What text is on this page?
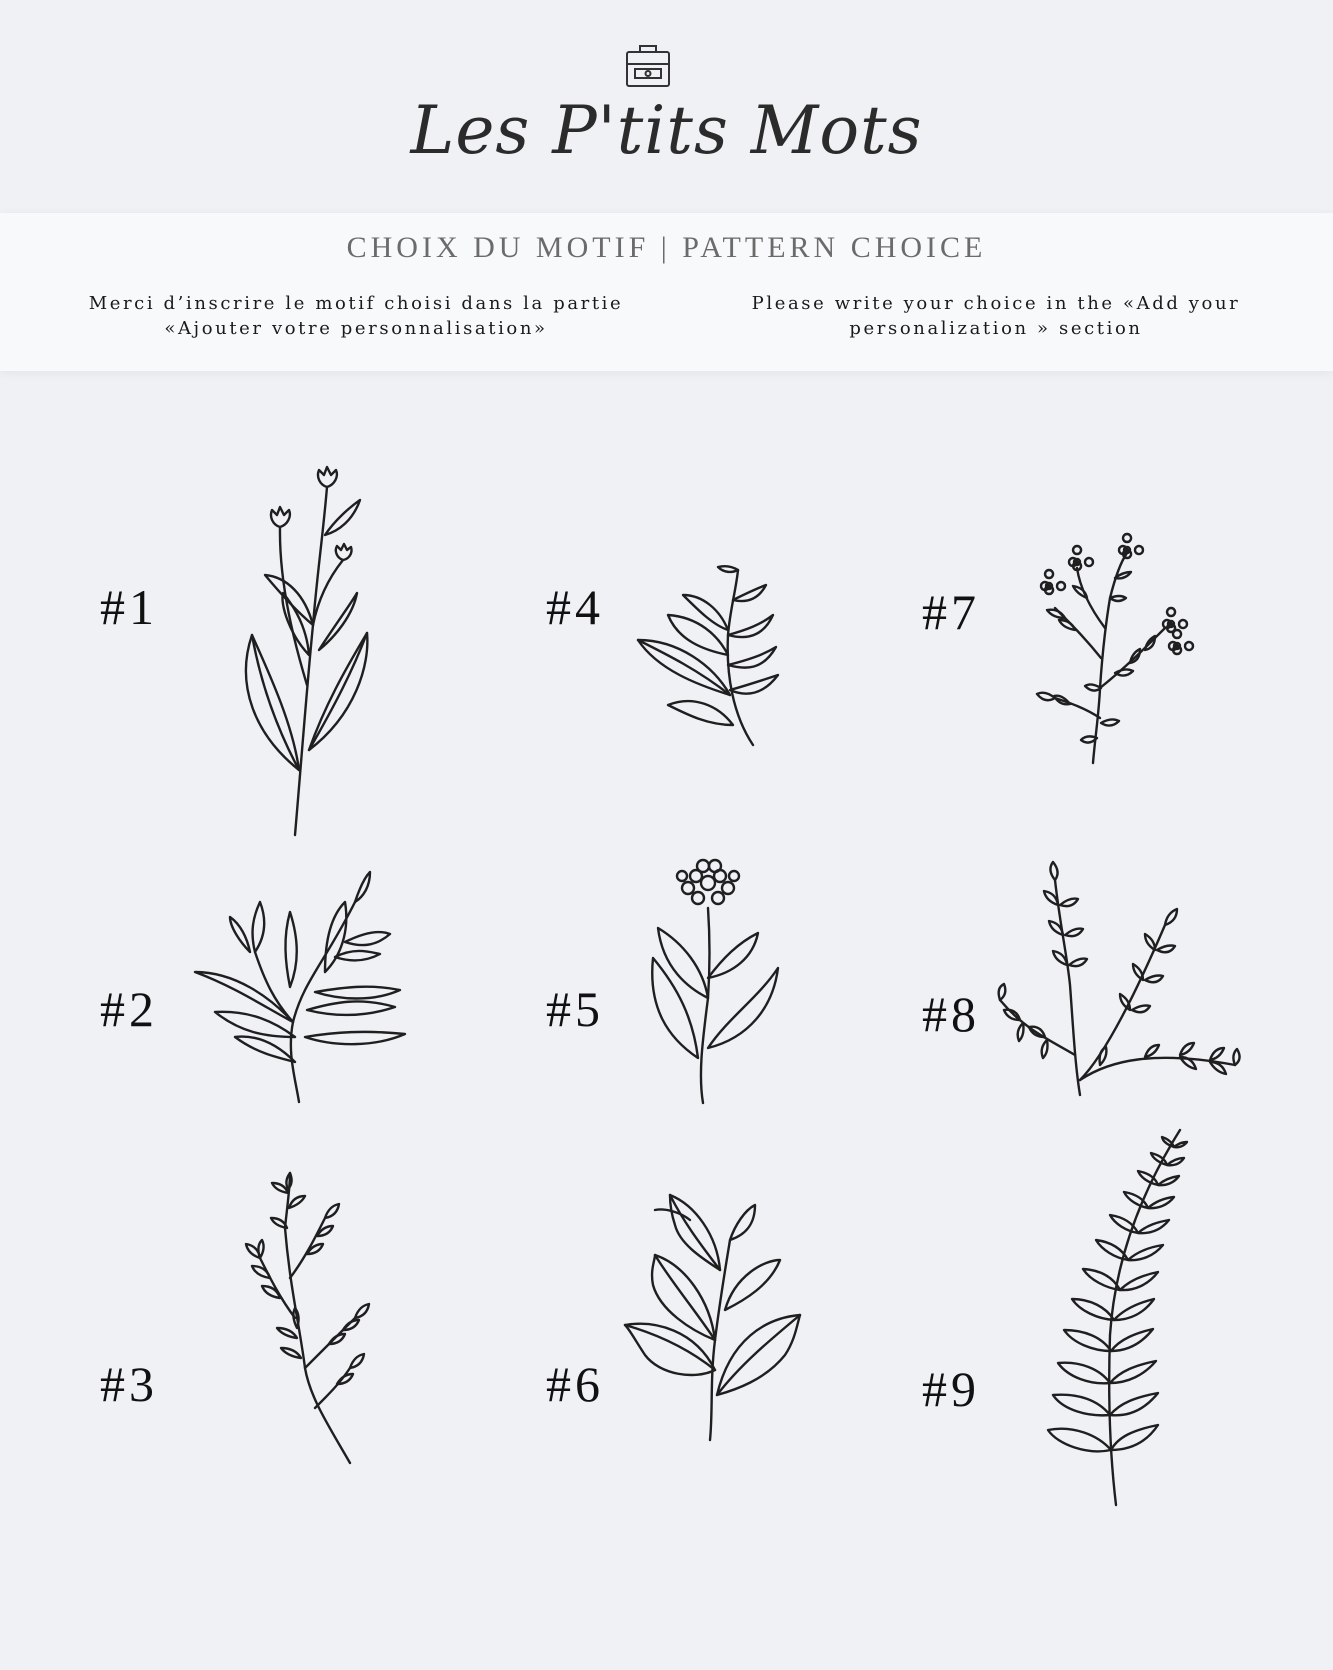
Les P'tits Mots
CHOIX DU MOTIF | PATTERN CHOICE
Merci d’inscrire le motif choisi dans la partie
«Ajouter votre personnalisation»
Please write your choice in the «Add your
personalization » section
#1
#2
#3
#4
#5
#6
#7
#8
#9
